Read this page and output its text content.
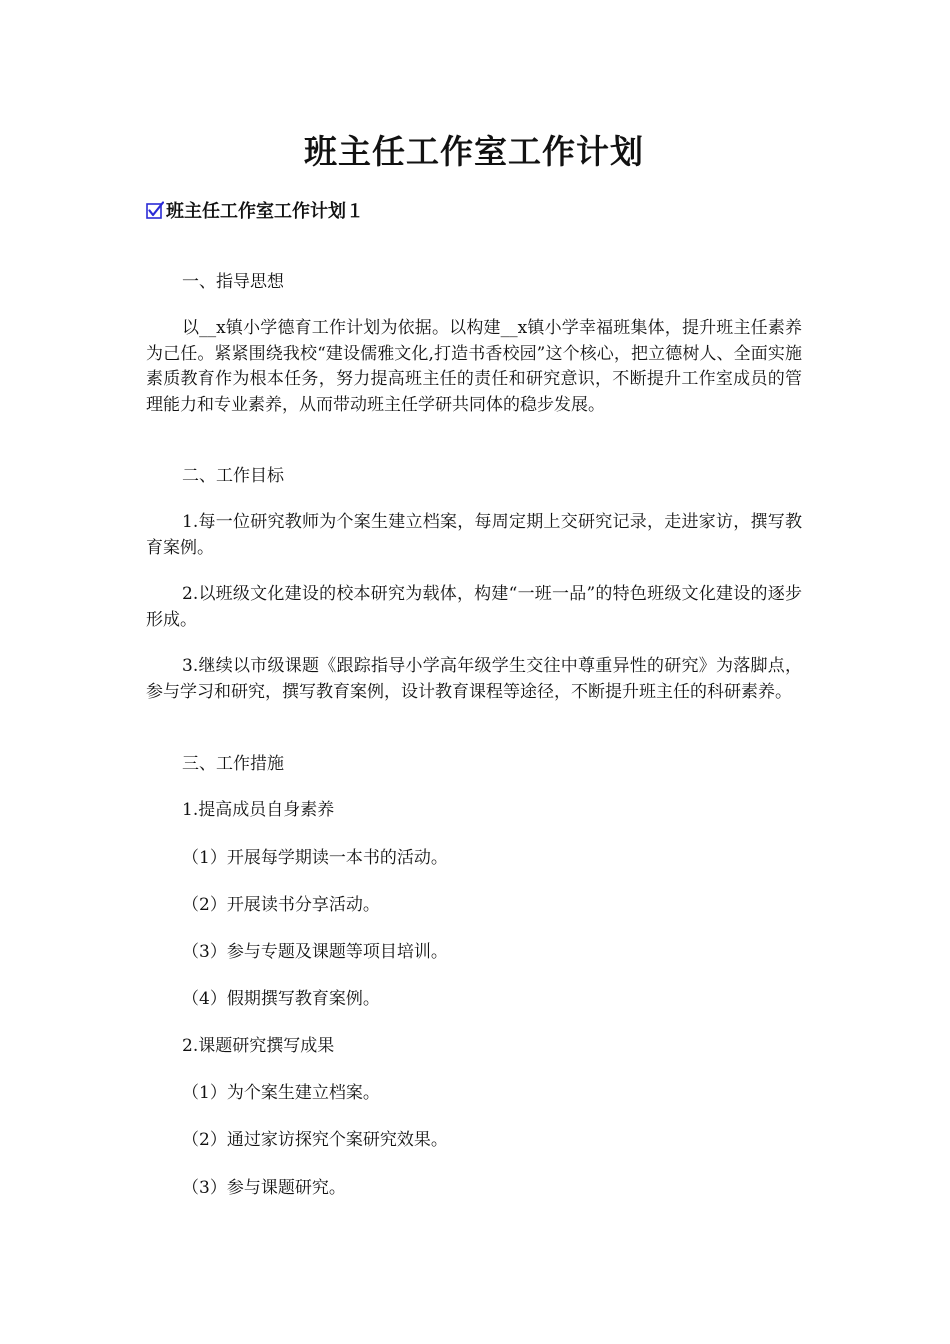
班主任工作室工作计划
班主任工作室工作计划１
一、指导思想

以__x镇小学德育工作计划为依据。以构建__x镇小学幸福班集体，提升班主任素养为己任。紧紧围绕我校“建设儒雅文化,打造书香校园”这个核心，把立德树人、全面实施素质教育作为根本任务，努力提高班主任的责任和研究意识，不断提升工作室成员的管理能力和专业素养，从而带动班主任学研共同体的稳步发展。

二、工作目标

1.每一位研究教师为个案生建立档案，每周定期上交研究记录，走进家访，撰写教育案例。

2.以班级文化建设的校本研究为载体，构建“一班一品”的特色班级文化建设的逐步形成。

3.继续以市级课题《跟踪指导小学高年级学生交往中尊重异性的研究》为落脚点，参与学习和研究，撰写教育案例，设计教育课程等途径，不断提升班主任的科研素养。

三、工作措施
1.提高成员自身素养
（1）开展每学期读一本书的活动。
（2）开展读书分享活动。
（3）参与专题及课题等项目培训。
（4）假期撰写教育案例。
2.课题研究撰写成果
（1）为个案生建立档案。
（2）通过家访探究个案研究效果。
（3）参与课题研究。
